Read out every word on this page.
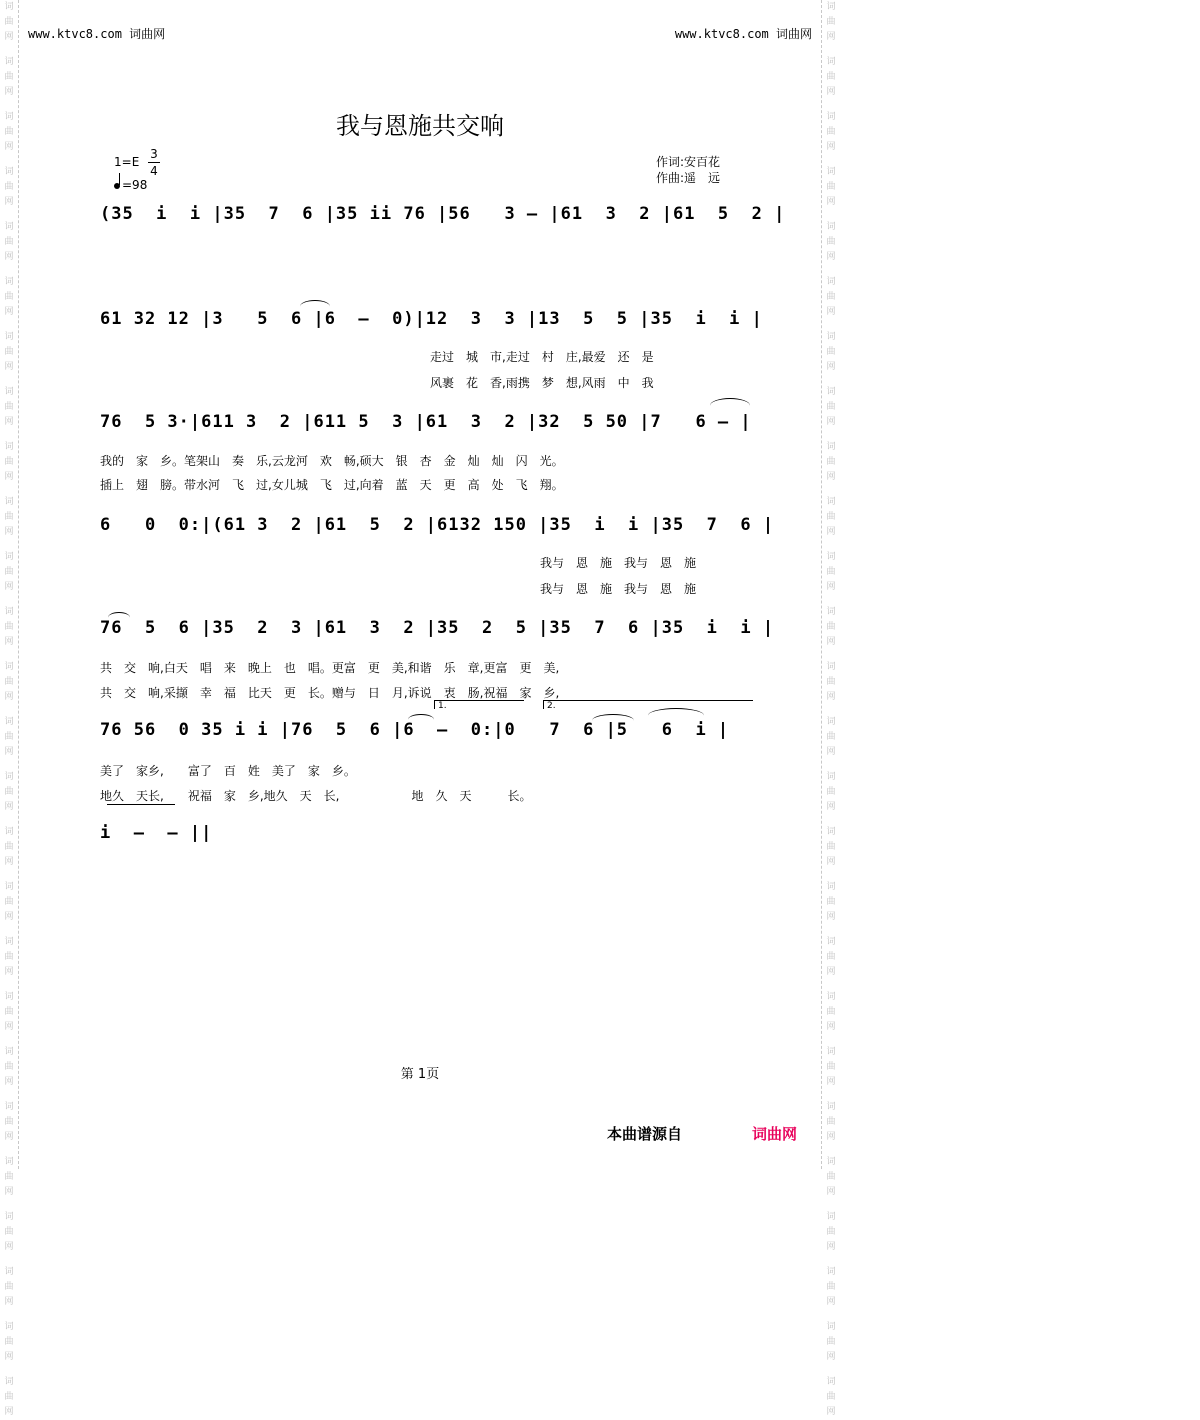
词
曲
网
词
曲
网
词
曲
网
词
曲
网
词
曲
网
词
曲
网
词
曲
网
词
曲
网
词
曲
网
词
曲
网
词
曲
网
词
曲
网
词
曲
网
词
曲
网
词
曲
网
词
曲
网
词
曲
网
词
曲
网
词
曲
网
词
曲
网
词
曲
网
词
曲
网
词
曲
网
词
曲
网
词
曲
网
词
曲
网
词
曲
网
词
曲
网
词
曲
网
词
曲
网
词
曲
网
词
曲
网
词
曲
网
词
曲
网
词
曲
网
词
曲
网
词
曲
网
词
曲
网
词
曲
网
词
曲
网
词
曲
网
词
曲
网
词
曲
网
词
曲
网
词
曲
网
词
曲
网
词
曲
网
词
曲
网
词
曲
网
词
曲
网
词
曲
网
词
曲
网
www.ktvc8.com 词曲网	www.ktvc8.com 词曲网
我与恩施共交响
$1=E \frac{3}{4}$
=98
作词:安百花
作曲:遥　远
(35  i  i |35  7  6 |35 ii 76 |56   3 — |61  3  2 |61  5  2 |
61 32 12 |3   5  6 |6  —  0)|12  3  3 |13  5  5 |35  i  i |
走过　城　市,走过　村　庄,最爱　还　是
风裹　花　香,雨携　梦　想,风雨　中　我
76  5 3·|611 3  2 |611 5  3 |61  3  2 |32  5 50 |7   6 — |
我的　家　乡。笔架山　奏　乐,云龙河　欢　畅,硕大　银　杏　金　灿　灿　闪　光。
插上　翅　膀。带水河　飞　过,女儿城　飞　过,向着　蓝　天　更　高　处　飞　翔。
6   0  0:|(61 3  2 |61  5  2 |6132 150 |35  i  i |35  7  6 |
我与　恩　施　我与　恩　施
我与　恩　施　我与　恩　施
76  5  6 |35  2  3 |61  3  2 |35  2  5 |35  7  6 |35  i  i |
共　交　响,白天　唱　来　晚上　也　唱。更富　更　美,和谐　乐　章,更富　更　美,
共　交　响,采撷　幸　福　比天　更　长。赠与　日　月,诉说　衷　肠,祝福　家　乡,
1.	2.
76 56  0 35 i i |76  5  6 |6  —  0:|0   7  6 |5   6  i |
美了　家乡,　　富了　百　姓　美了　家　乡。
地久　天长,　　祝福　家　乡,地久　天　长,　　　　　　地　久　天　　　长。
i  —  — ||
第 1页
本曲谱源自	词曲网
